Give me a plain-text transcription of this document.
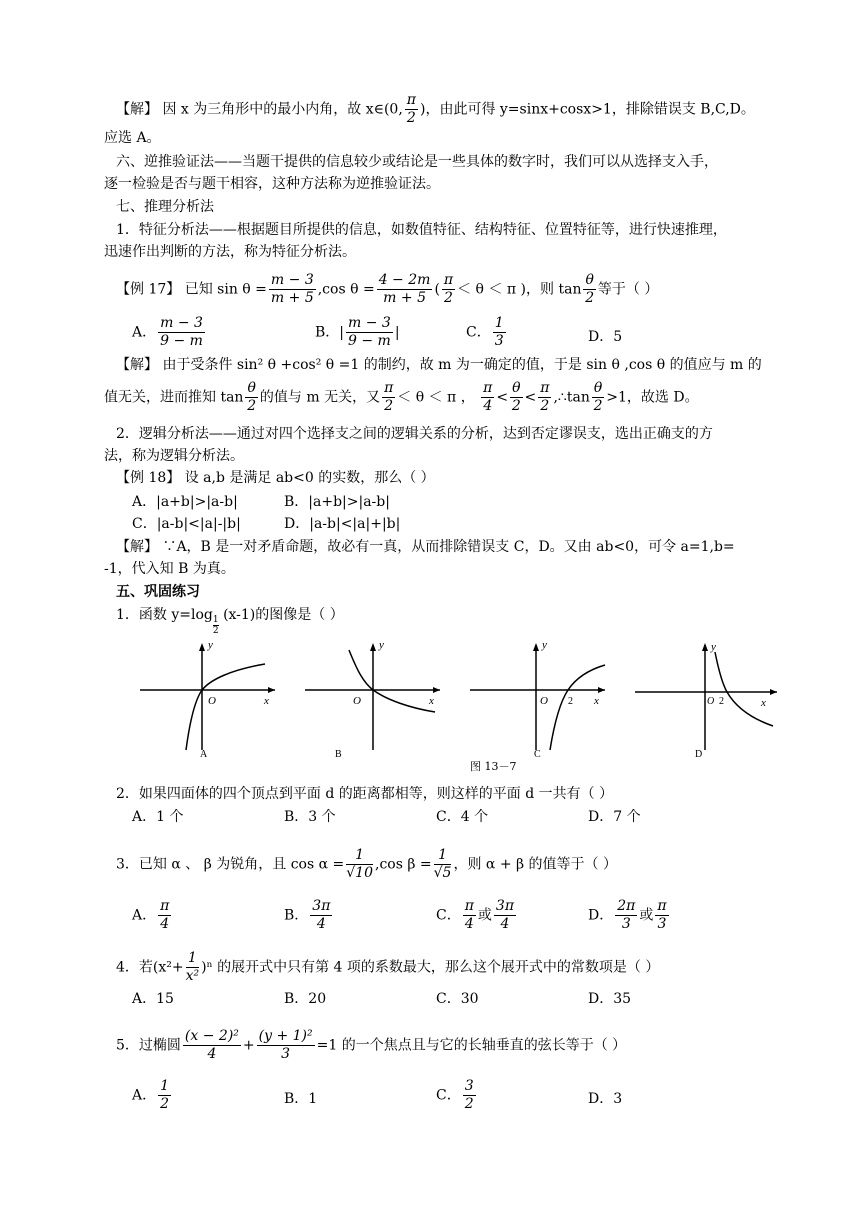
【解】 因 x 为三角形中的最小内角，故 x∈(0, $\frac{\pi}{2}$ )，由此可得 y=sinx+cosx>1，排除错误支 B,C,D。
应选 A。
六、逆推验证法——当题干提供的信息较少或结论是一些具体的数字时，我们可以从选择支入手，
逐一检验是否与题干相容，这种方法称为逆推验证法。
七、推理分析法
1．特征分析法——根据题目所提供的信息，如数值特征、结构特征、位置特征等，进行快速推理，
迅速作出判断的方法，称为特征分析法。
【例 17】 已知 $\sin \theta = \frac{m - 3}{m + 5} ,\cos$ $\theta = \frac{4 - 2m}{m + 5}$ ( $\frac{\pi}{2} < \theta < \pi$ )，则 $\tan \frac{\theta}{2}$ 等于（ ）
A． $\frac{m - 3}{9 - m}$	B．| $\frac{m - 3}{9 - m}$ |	C． $\frac{1}{3}$	D．5
【解】 由于受条件 sin² θ +cos² θ =1 的制约，故 m 为一确定的值，于是 sin θ ,cos θ 的值应与 m 的
值无关，进而推知 $\tan \frac{\theta}{2}$ 的值与 m 无关，又 $\frac{\pi}{2} < \theta < \pi$ ， $\frac{\pi}{4} < \frac{\theta}{2} < \frac{\pi}{2}$ ,∴tan $\frac{\theta}{2} >1$，故选 D。
2．逻辑分析法——通过对四个选择支之间的逻辑关系的分析，达到否定谬误支，选出正确支的方
法，称为逻辑分析法。
【例 18】 设 a,b 是满足 ab<0 的实数，那么（ ）
A．|a+b|>|a-b|	B．|a+b|>|a-b|
C．|a-b|<|a|-|b|	D．|a-b|<|a|+|b|
【解】 ∵A，B 是一对矛盾命题，故必有一真，从而排除错误支 C，D。又由 ab<0，可令 a=1,b=
-1，代入知 B 为真。
五、巩固练习
1．函数 $y=\log \frac{1}{2} (x-1)$的图像是（ ）
y
O	x
A
y
O	x
B
y
O 2 x
C
y
O 2	x
D
图 13－7
2．如果四面体的四个顶点到平面 d 的距离都相等，则这样的平面 d 一共有（ ）
A．1 个	B．3 个	C．4 个	D．7 个
3．已知 α 、 β 为锐角，且 $\cos \alpha = \frac{1}{√10} ,\cos$ $\beta = \frac{1}{√5}$ ，则 α + β 的值等于（ ）
A． $\frac{\pi}{4}$	B． $\frac{3\pi}{4}$	C． $\frac{\pi}{4}$ 或 $\frac{3\pi}{4}$	D． $\frac{2\pi}{3}$ 或 $\frac{\pi}{3}$
4．若$(x^2+ \frac{1}{\text{x²}} )^n$ 的展开式中只有第 4 项的系数最大，那么这个展开式中的常数项是（ ）
A．15	B．20	C．30	D．35
5．过椭圆 $\frac{\text{(x − 2)²}}{4} + \frac{\text{(y + 1)²}}{3} =1$ 的一个焦点且与它的长轴垂直的弦长等于（ ）
A． $\frac{1}{2}$	B．1	C． $\frac{3}{2}$	D．3
